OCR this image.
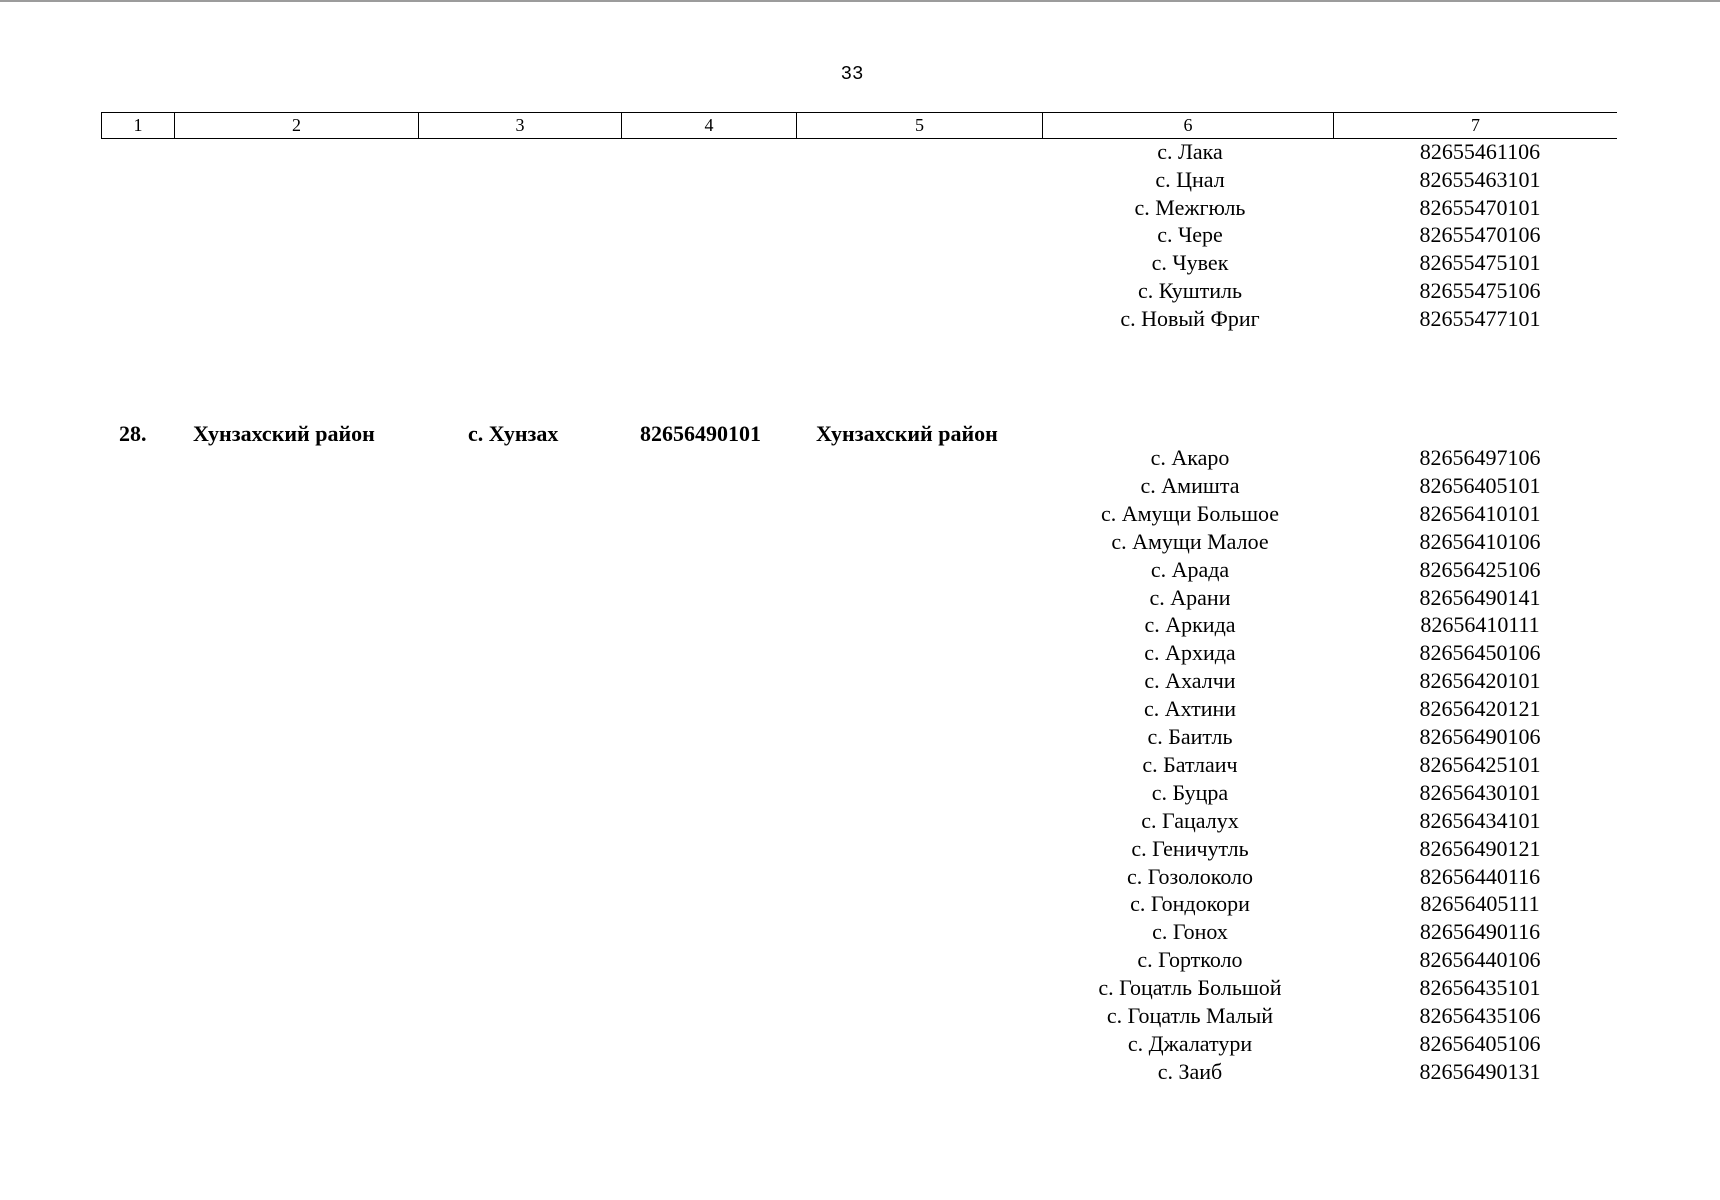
33
1	2	3	4	5	6	7
с. Лака	82655461106
с. Цнал	82655463101
с. Межгюль	82655470101
с. Чере	82655470106
с. Чувек	82655475101
с. Куштиль	82655475106
с. Новый Фриг	82655477101
28. Хунзахский район	с. Хунзах	82656490101	Хунзахский район
с. Акаро	82656497106
с. Амишта	82656405101
с. Амущи Большое	82656410101
с. Амущи Малое	82656410106
с. Арада	82656425106
с. Арани	82656490141
с. Аркида	82656410111
с. Архида	82656450106
с. Ахалчи	82656420101
с. Ахтини	82656420121
с. Баитль	82656490106
с. Батлаич	82656425101
с. Буцра	82656430101
с. Гацалух	82656434101
с. Геничутль	82656490121
с. Гозолоколо	82656440116
с. Гондокори	82656405111
с. Гонох	82656490116
с. Гортколо	82656440106
с. Гоцатль Большой	82656435101
с. Гоцатль Малый	82656435106
с. Джалатури	82656405106
с. Заиб	82656490131
